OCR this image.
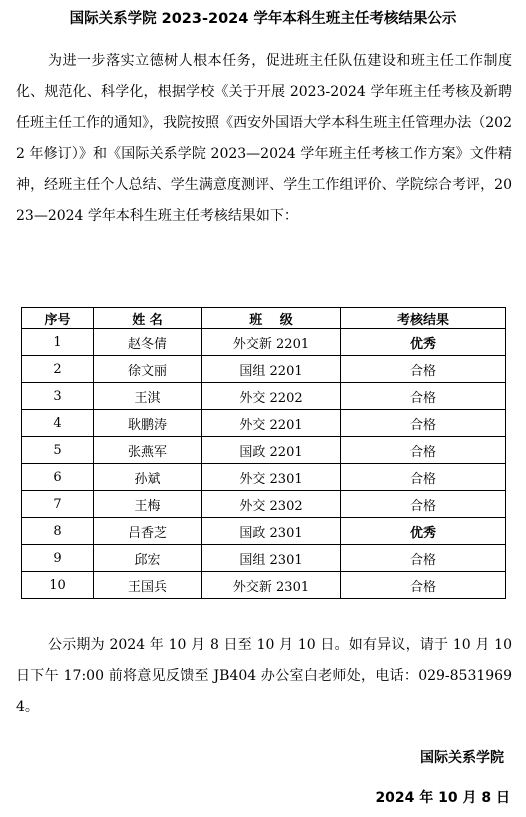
国际关系学院 2023-2024 学年本科生班主任考核结果公示

为进一步落实立德树人根本任务，促进班主任队伍建设和班主任工作制度化、规范化、科学化，根据学校《关于开展 2023-2024 学年班主任考核及新聘任班主任工作的通知》，我院按照《西安外国语大学本科生班主任管理办法（2022 年修订）》和《国际关系学院 2023—2024 学年班主任考核工作方案》文件精神，经班主任个人总结、学生满意度测评、学生工作组评价、学院综合考评，2023—2024 学年本科生班主任考核结果如下：

序号	姓 名	班　 级	考核结果
1	赵冬倩	外交新 2201	优秀
2	徐文丽	国组 2201	合格
3	王淇	外交 2202	合格
4	耿鹏涛	外交 2201	合格
5	张燕军	国政 2201	合格
6	孙斌	外交 2301	合格
7	王梅	外交 2302	合格
8	吕香芝	国政 2301	优秀
9	邱宏	国组 2301	合格
10	王国兵	外交新 2301	合格

公示期为 2024 年 10 月 8 日至 10 月 10 日。如有异议，请于 10 月 10 日下午 17:00 前将意见反馈至 JB404 办公室白老师处，电话：029-85319694。

国际关系学院
2024 年 10 月 8 日
